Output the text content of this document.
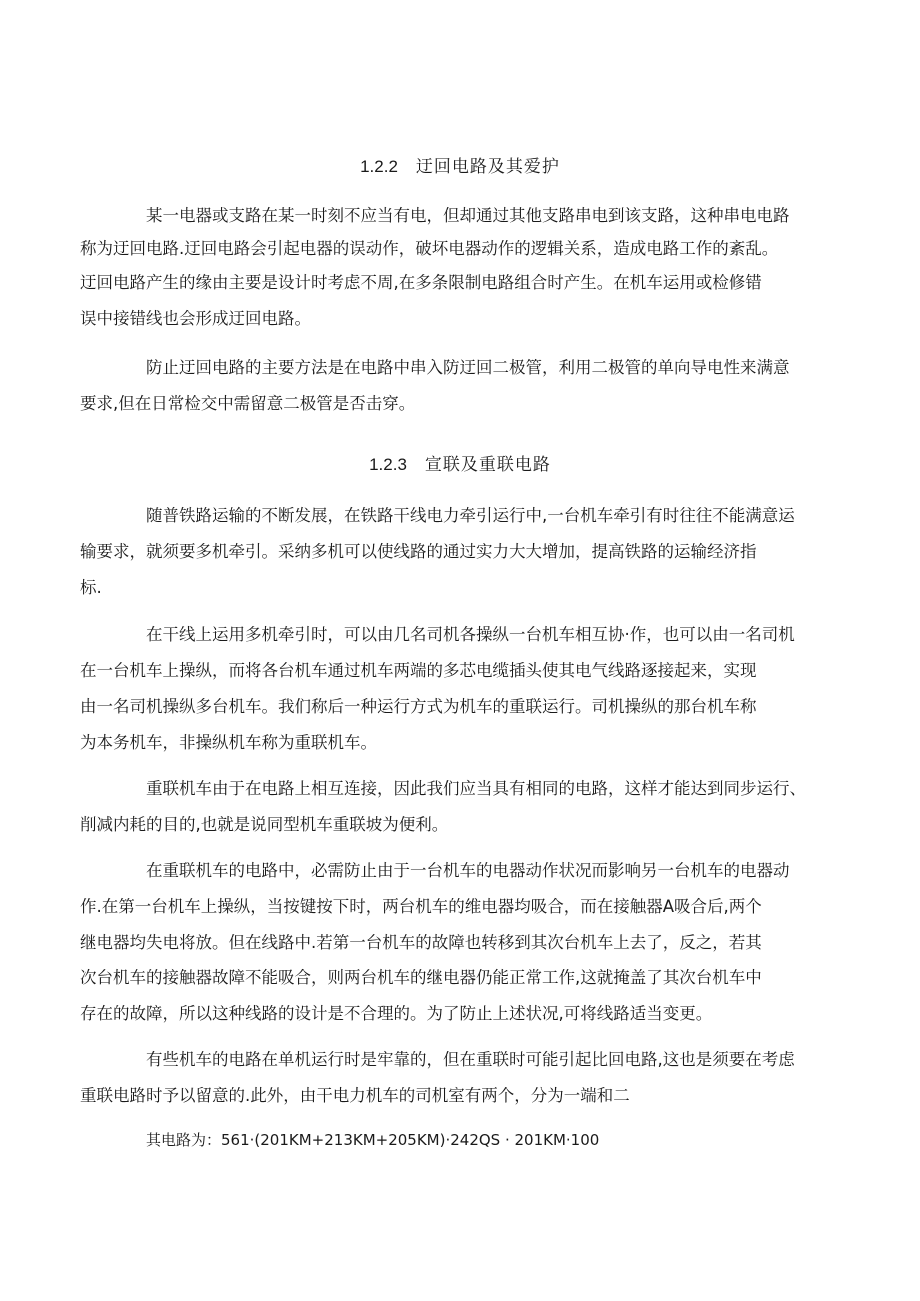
1.2.2 迂回电路及其爱护
某一电器或支路在某一时刻不应当有电，但却通过其他支路串电到该支路，这种串电电路
称为迂回电路.迂回电路会引起电器的误动作，破坏电器动作的逻辑关系，造成电路工作的紊乱。
迂回电路产生的缘由主要是设计时考虑不周,在多条限制电路组合时产生。在机车运用或检修错
误中接错线也会形成迂回电路。
防止迂回电路的主要方法是在电路中串入防迂回二极管，利用二极管的单向导电性来满意
要求,但在日常检交中需留意二极管是否击穿。
1.2.3 宣联及重联电路
随普铁路运输的不断发展，在铁路干线电力牵引运行中,一台机车牵引有时往往不能满意运
输要求，就须要多机牵引。采纳多机可以使线路的通过实力大大增加，提高铁路的运输经济指
标.
在干线上运用多机牵引时，可以由几名司机各操纵一台机车相互协·作，也可以由一名司机
在一台机车上操纵，而将各台机车通过机车两端的多芯电缆插头使其电气线路逐接起来，实现
由一名司机操纵多台机车。我们称后一种运行方式为机车的重联运行。司机操纵的那台机车称
为本务机车，非操纵机车称为重联机车。
重联机车由于在电路上相互连接，因此我们应当具有相同的电路，这样才能达到同步运行、
削减内耗的目的,也就是说同型机车重联坡为便利。
在重联机车的电路中，必需防止由于一台机车的电器动作状况而影响另一台机车的电器动
作.在第一台机车上操纵，当按键按下时，两台机车的维电器均吸合，而在接触器A吸合后,两个
继电器均失电将放。但在线路中.若第一台机车的故障也转移到其次台机车上去了，反之，若其
次台机车的接触器故障不能吸合，则两台机车的继电器仍能正常工作,这就掩盖了其次台机车中
存在的故障，所以这种线路的设计是不合理的。为了防止上述状况,可将线路适当变更。
有些机车的电路在单机运行时是牢靠的，但在重联时可能引起比回电路,这也是须要在考虑
重联电路时予以留意的.此外，由干电力机车的司机室有两个，分为一端和二
其电路为：561·(201KM+213KM+205KM)·242QS · 201KM·100
